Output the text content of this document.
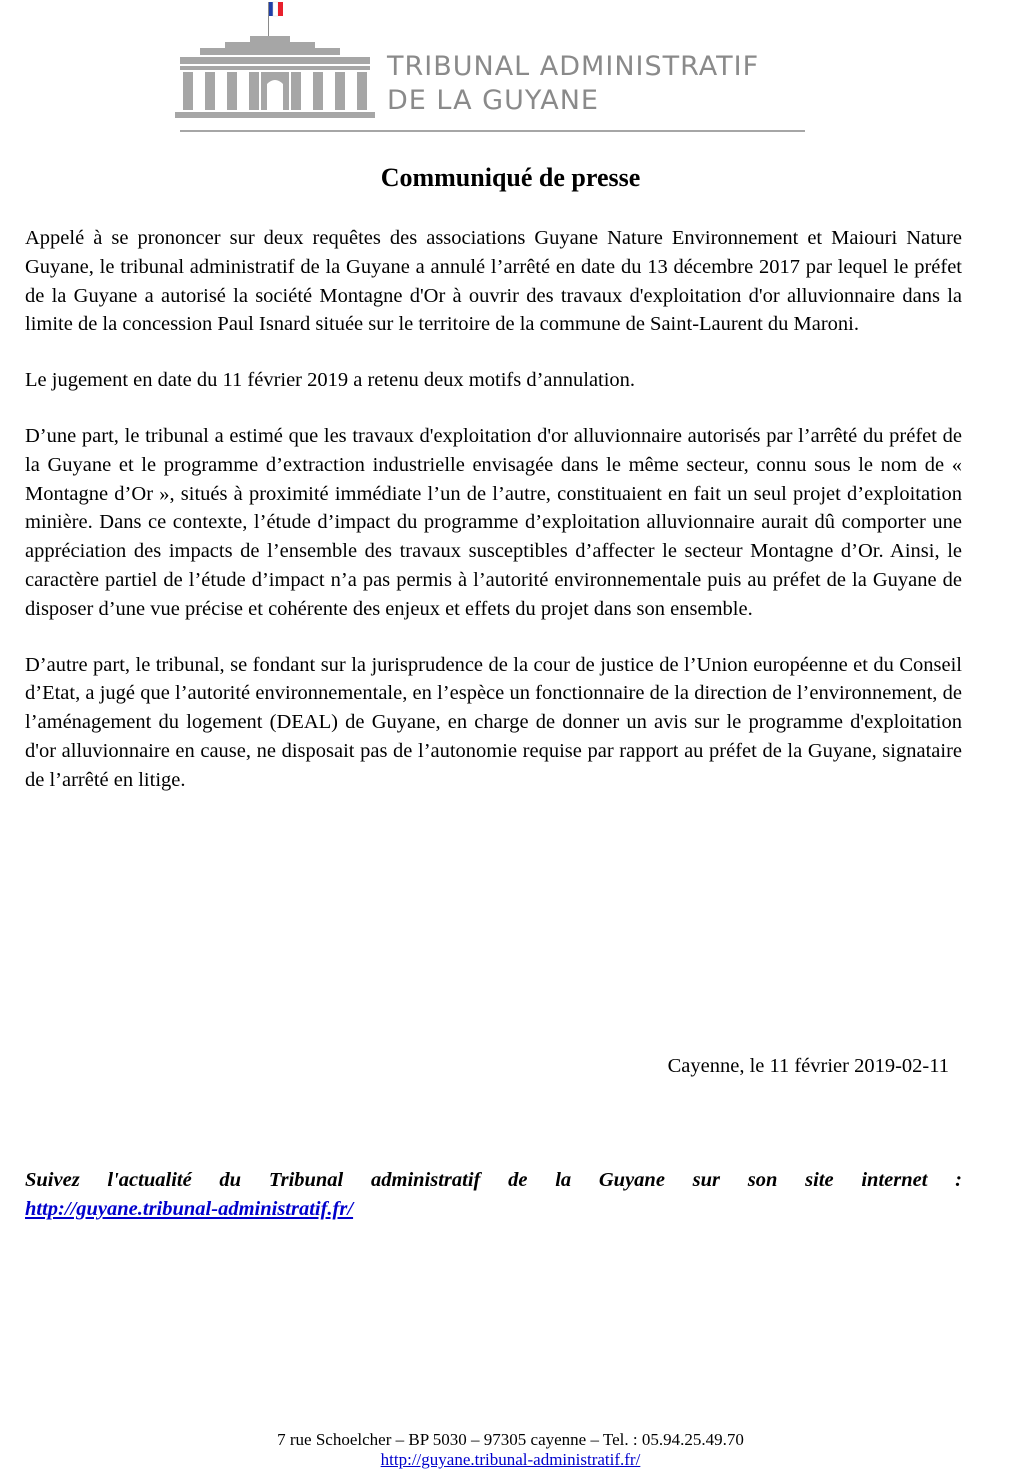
TRIBUNAL ADMINISTRATIF
DE LA GUYANE
Communiqué de presse

Appelé à se prononcer sur deux requêtes des associations Guyane Nature Environnement et Maiouri Nature Guyane, le tribunal administratif de la Guyane a annulé l’arrêté en date du 13 décembre 2017 par lequel le préfet de la Guyane a autorisé la société Montagne d'Or à ouvrir des travaux d'exploitation d'or alluvionnaire dans la limite de la concession Paul Isnard située sur le territoire de la commune de Saint-Laurent du Maroni.

Le jugement en date du 11 février 2019 a retenu deux motifs d’annulation.

D’une part, le tribunal a estimé que les travaux d'exploitation d'or alluvionnaire autorisés par l’arrêté du préfet de la Guyane et le programme d’extraction industrielle envisagée dans le même secteur, connu sous le nom de « Montagne d’Or », situés à proximité immédiate l’un de l’autre, constituaient en fait un seul projet d’exploitation minière. Dans ce contexte, l’étude d’impact du programme d’exploitation alluvionnaire aurait dû comporter une appréciation des impacts de l’ensemble des travaux susceptibles d’affecter le secteur Montagne d’Or. Ainsi, le caractère partiel de l’étude d’impact n’a pas permis à l’autorité environnementale puis au préfet de la Guyane de disposer d’une vue précise et cohérente des enjeux et effets du projet dans son ensemble.

D’autre part, le tribunal, se fondant sur la jurisprudence de la cour de justice de l’Union européenne et du Conseil d’Etat, a jugé que l’autorité environnementale, en l’espèce un fonctionnaire de la direction de l’environnement, de l’aménagement du logement (DEAL) de Guyane, en charge de donner un avis sur le programme d'exploitation d'or alluvionnaire en cause, ne disposait pas de l’autonomie requise par rapport au préfet de la Guyane, signataire de l’arrêté en litige.

Cayenne, le 11 février 2019-02-11
Suivez l'actualité du Tribunal administratif de la Guyane sur son site internet :
http://guyane.tribunal-administratif.fr/
7 rue Schoelcher – BP 5030 – 97305 cayenne – Tel. : 05.94.25.49.70
http://guyane.tribunal-administratif.fr/
